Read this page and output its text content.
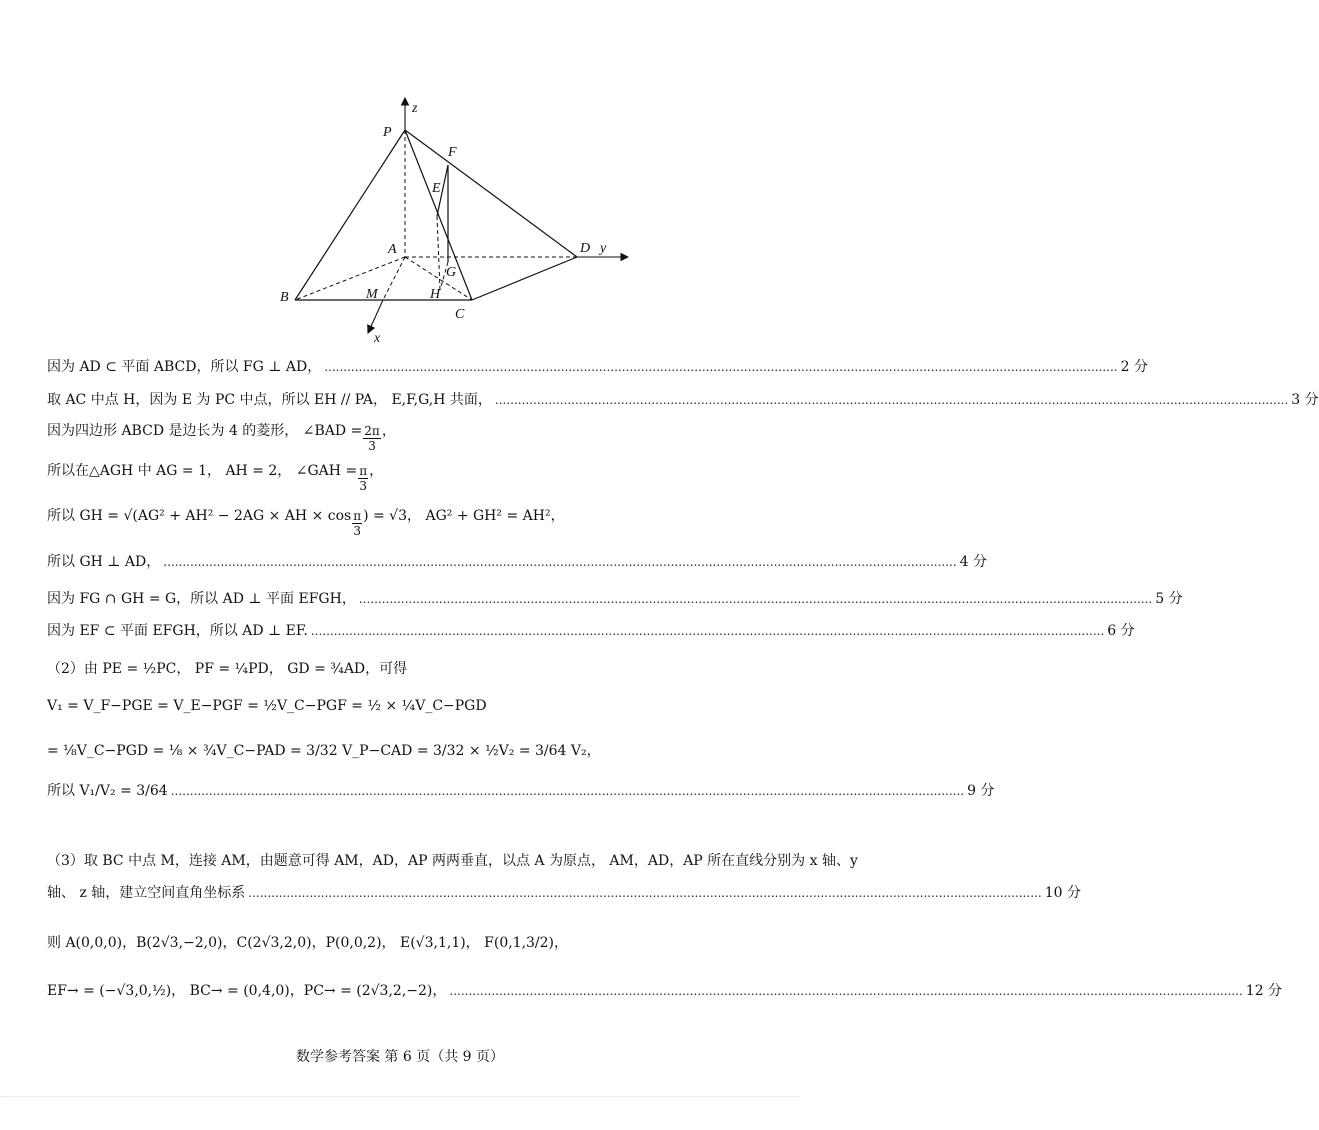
z
P
F
E
A	D y
G
H
B	M
C
x
因为 AD ⊂ 平面 ABCD，所以 FG ⊥ AD， ................................................................................................................................................................................................................ 2 分
取 AC 中点 H，因为 E 为 PC 中点，所以 EH // PA， E,F,G,H 共面， ................................................................................................................................................................................................................ 3 分
因为四边形 ABCD 是边长为 4 的菱形， ∠BAD = $\frac{2\pi}{3}$ ，
所以在△AGH 中 AG = 1， AH = 2， ∠GAH = $\frac{\pi}{3}$ ，
所以 GH = √(AG² + AH² − 2AG × AH × $\cos \frac{\pi}{3}$ ) = √3， AG² + GH² = AH²，
所以 GH ⊥ AD， ................................................................................................................................................................................................................ 4 分
因为 FG ∩ GH = G，所以 AD ⊥ 平面 EFGH， ................................................................................................................................................................................................................ 5 分
因为 EF ⊂ 平面 EFGH，所以 AD ⊥ EF. ................................................................................................................................................................................................................ 6 分
（2）由 PE = ½PC， PF = ¼PD， GD = ¾AD，可得
V₁ = V_F−PGE = V_E−PGF = ½V_C−PGF = ½ × ¼V_C−PGD
= ⅛V_C−PGD = ⅛ × ¾V_C−PAD = 3/32 V_P−CAD = 3/32 × ½V₂ = 3/64 V₂，
所以 V₁/V₂ = 3/64 ................................................................................................................................................................................................................ 9 分
（3）取 BC 中点 M，连接 AM，由题意可得 AM，AD，AP 两两垂直，以点 A 为原点， AM，AD，AP 所在直线分别为 x 轴、y
轴、 z 轴，建立空间直角坐标系 ................................................................................................................................................................................................................ 10 分
则 A(0,0,0)，B(2√3,−2,0)，C(2√3,2,0)，P(0,0,2)， E(√3,1,1)， F(0,1,3/2)，
EF→ = (−√3,0,½)， BC→ = (0,4,0)，PC→ = (2√3,2,−2)， ................................................................................................................................................................................................................ 12 分
数学参考答案 第 6 页（共 9 页）
